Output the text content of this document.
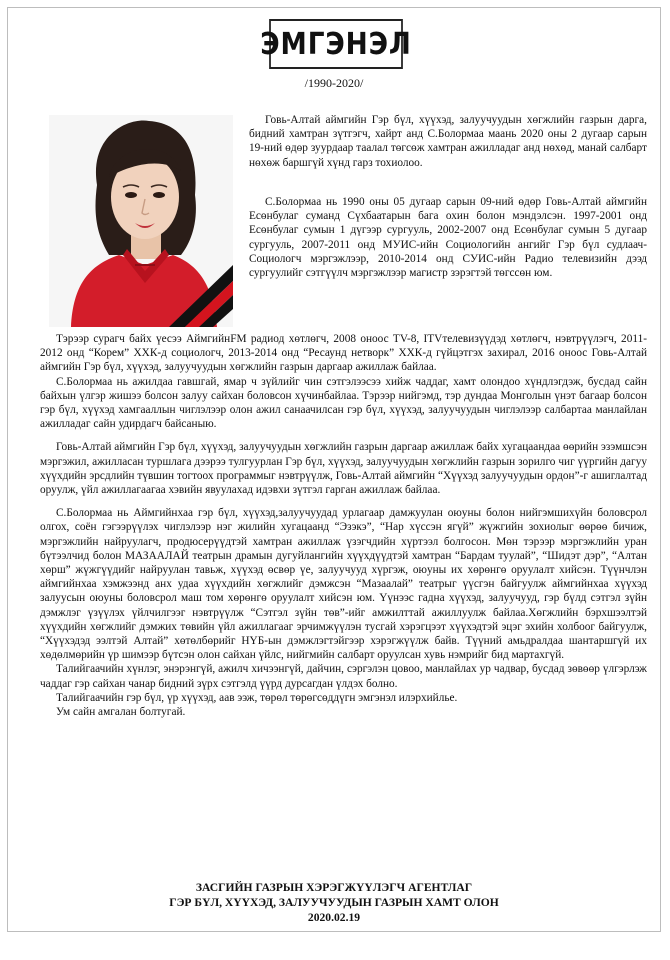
ЭМГЭНЭЛ
/1990-2020/

Говь-Алтай аймгийн Гэр бүл, хүүхэд, залуучуудын хөгжлийн газрын дарга, бидний хамтран зүтгэгч, хайрт анд С.Болормаа маань 2020 оны 2 дугаар сарын 19-ний өдөр зуурдаар таалал төгсөж хамтран ажилладаг анд нөхөд, манай салбарт нөхөж баршгүй хүнд гарз тохиолоо.

С.Болормаа нь 1990 оны 05 дугаар сарын 09-ний өдөр Говь-Алтай аймгийн Есөнбулаг суманд Сүхбаатарын бага охин болон мэндэлсэн. 1997-2001 онд Есөнбулаг сумын 1 дүгээр сургууль, 2002-2007 онд Есөнбулаг сумын 5 дугаар сургууль, 2007-2011 онд МУИС-ийн Социологийн ангийг Гэр бүл судлаач-Социологч мэргэжлээр, 2010-2014 онд СУИС-ийн Радио телевизийн дээд сургуулийг сэтгүүлч мэргэжлээр магистр зэрэгтэй төгссөн юм.

Тэрээр сурагч байх үесээ АймгийнFM радиод хөтлөгч, 2008 оноос TV-8, ITVтелевизүүдэд хөтлөгч, нэвтрүүлэгч, 2011-2012 онд “Корем” ХХК-д социологч, 2013-2014 онд “Ресаунд нетворк” ХХК-д гүйцэтгэх захирал, 2016 оноос Говь-Алтай аймгийн Гэр бүл, хүүхэд, залуучуудын хөгжлийн газрын даргаар ажиллаж байлаа.

С.Болормаа нь ажилдаа гавшгай, ямар ч зүйлийг чин сэтгэлээсээ хийж чаддаг, хамт олондоо хүндлэгдэж, бусдад сайн байхын үлгэр жишээ болсон залуу сайхан боловсон хүчинбайлаа. Тэрээр нийгэмд, тэр дундаа Монголын үнэт багаар болсон гэр бүл, хүүхэд хамгааллын чиглэлээр олон ажил санаачилсан гэр бүл, хүүхэд, залуучуудын чиглэлээр салбартаа манлайлан ажилладаг сайн удирдагч байсаныю.

Говь-Алтай аймгийн Гэр бүл, хүүхэд, залуучуудын хөгжлийн газрын даргаар ажиллаж байх хугацаандаа өөрийн эзэмшсэн мэргэжил, ажилласан туршлага дээрээ тулгуурлан Гэр бүл, хүүхэд, залуучуудын хөгжлийн газрын зорилго чиг үүргийн дагуу хүүхдийн эрсдлийн түвшин тогтоох программыг нэвтрүүлж, Говь-Алтай аймгийн “Хүүхэд залуучуудын ордон”-г ашиглалтад оруулж, үйл ажиллагаагаа хэвийн явуулахад идэвхи зүтгэл гарган ажиллаж байлаа.

С.Болормаа нь Аймгийнхаа гэр бүл, хүүхэд,залуучуудад урлагаар дамжуулан оюуны болон нийгэмшихүйн боловсрол олгох, соён гэгээрүүлэх чиглэлээр нэг жилийн хугацаанд “Эзэкэ”, “Нар хүссэн ягүй” жүжгийн зохиолыг өөрөө бичиж, мэргэжлийн найруулагч, продюсерүүдтэй хамтран ажиллаж үзэгчдийн хүртээл болгосон. Мөн тэрээр мэргэжлийн уран бүтээлчид болон МАЗААЛАЙ театрын драмын дугуйлангийн хүүхдүүдтэй хамтран “Бардам туулай”, “Шидэт дэр”, “Алтан хөрш” жүжгүүдийг найруулан тавьж, хүүхэд өсвөр үе, залуучууд хүргэж, оюуны их хөрөнгө оруулалт хийсэн. Түүнчлэн аймгийнхаа хэмжээнд анх удаа хүүхдийн хөгжлийг дэмжсэн “Мазаалай” театрыг үүсгэн байгуулж аймгийнхаа хүүхэд залуусын оюуны боловсрол маш том хөрөнгө оруулалт хийсэн юм. Үүнээс гадна хүүхэд, залуучууд, гэр бүлд сэтгэл зүйн дэмжлэг үзүүлэх үйлчилгээг нэвтрүүлж “Сэтгэл зүйн төв”-ийг амжилттай ажиллуулж байлаа.Хөгжлийн бэрхшээлтэй хүүхдийн хөгжлийг дэмжих төвийн үйл ажиллагааг эрчимжүүлэн тусгай хэрэгцээт хүүхэдтэй эцэг эхийн холбоог байгуулж, “Хүүхэдэд ээлтэй Алтай” хөтөлбөрийг НҮБ-ын дэмжлэгтэйгээр хэрэгжүүлж байв. Түүний амьдралдаа шантаршгүй их хөдөлмөрийн үр шимээр бүтсэн олон сайхан үйлс, нийгмийн салбарт оруулсан хувь нэмрийг бид мартахгүй.

Талийгаачийн хүнлэг, энэрэнгүй, ажилч хичээнгүй, дайчин, сэргэлэн цовоо, манлайлах ур чадвар, бусдад зөвөөр үлгэрлэж чаддаг гэр сайхан чанар бидний зүрх сэтгэлд үүрд дурсагдан үлдэх болно.

Талийгаачийн гэр бүл, үр хүүхэд, аав ээж, төрөл төрөгсөддүгн эмгэнэл илэрхийлье.

Ум сайн амгалан болтугай.

ЗАСГИЙН ГАЗРЫН ХЭРЭГЖҮҮЛЭГЧ АГЕНТЛАГ
ГЭР БҮЛ, ХҮҮХЭД, ЗАЛУУЧУУДЫН ГАЗРЫН ХАМТ ОЛОН
2020.02.19
